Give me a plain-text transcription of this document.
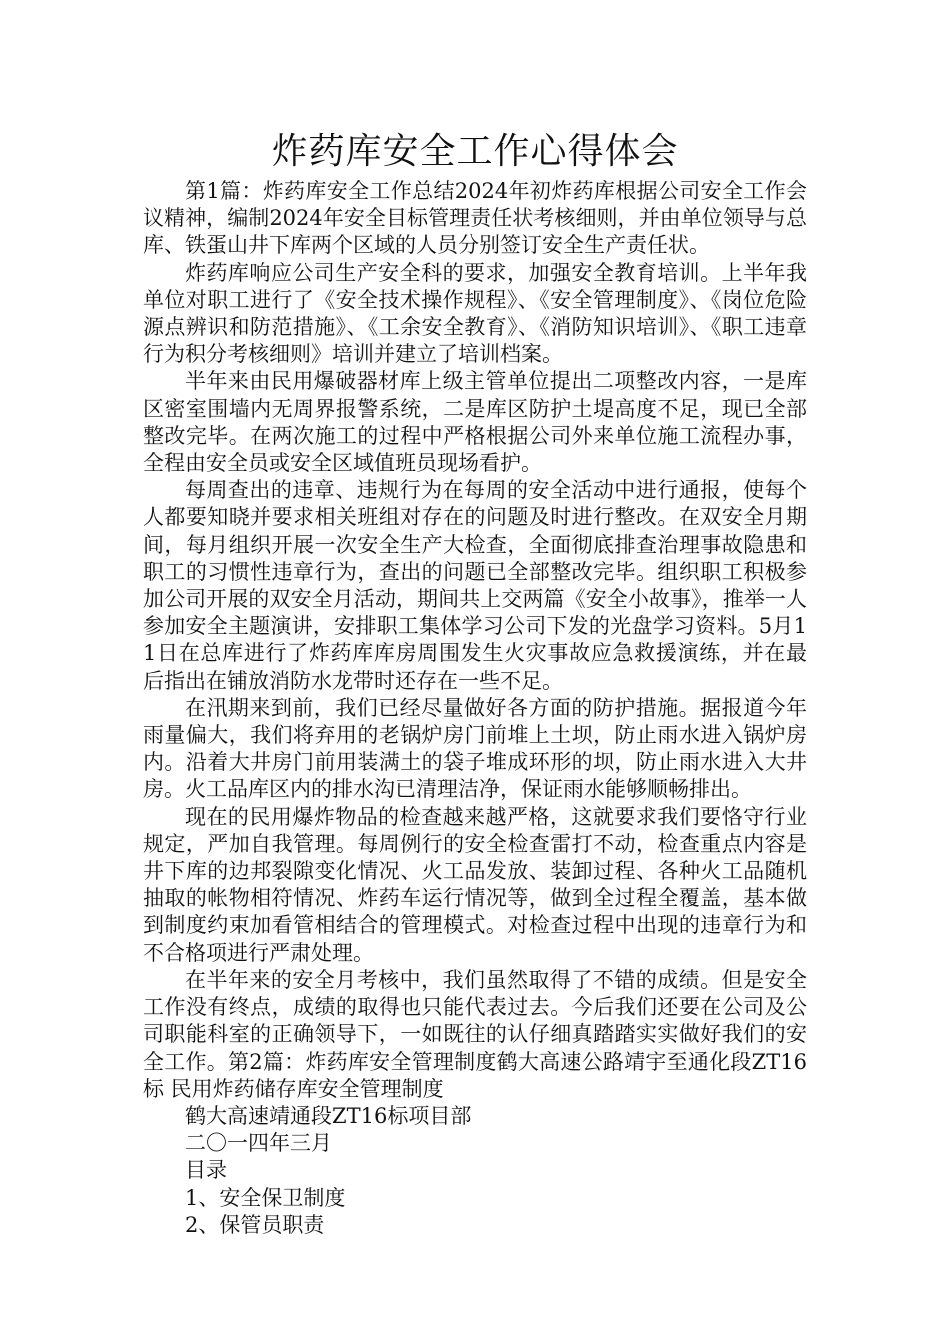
炸药库安全工作心得体会

第1篇：炸药库安全工作总结2024年初炸药库根据公司安全工作会议精神，编制2024年安全目标管理责任状考核细则，并由单位领导与总库、铁蛋山井下库两个区域的人员分别签订安全生产责任状。

炸药库响应公司生产安全科的要求，加强安全教育培训。上半年我单位对职工进行了《安全技术操作规程》、《安全管理制度》、《岗位危险源点辨识和防范措施》、《工余安全教育》、《消防知识培训》、《职工违章行为积分考核细则》培训并建立了培训档案。

半年来由民用爆破器材库上级主管单位提出二项整改内容，一是库区密室围墙内无周界报警系统，二是库区防护土堤高度不足，现已全部整改完毕。在两次施工的过程中严格根据公司外来单位施工流程办事，全程由安全员或安全区域值班员现场看护。

每周查出的违章、违规行为在每周的安全活动中进行通报，使每个人都要知晓并要求相关班组对存在的问题及时进行整改。在双安全月期间，每月组织开展一次安全生产大检查，全面彻底排查治理事故隐患和职工的习惯性违章行为，查出的问题已全部整改完毕。组织职工积极参加公司开展的双安全月活动，期间共上交两篇《安全小故事》，推举一人参加安全主题演讲，安排职工集体学习公司下发的光盘学习资料。5月11日在总库进行了炸药库库房周围发生火灾事故应急救援演练，并在最后指出在铺放消防水龙带时还存在一些不足。

在汛期来到前，我们已经尽量做好各方面的防护措施。据报道今年雨量偏大，我们将弃用的老锅炉房门前堆上土坝，防止雨水进入锅炉房内。沿着大井房门前用装满土的袋子堆成环形的坝，防止雨水进入大井房。火工品库区内的排水沟已清理洁净，保证雨水能够顺畅排出。

现在的民用爆炸物品的检查越来越严格，这就要求我们要恪守行业规定，严加自我管理。每周例行的安全检查雷打不动，检查重点内容是井下库的边邦裂隙变化情况、火工品发放、装卸过程、各种火工品随机抽取的帐物相符情况、炸药车运行情况等，做到全过程全覆盖，基本做到制度约束加看管相结合的管理模式。对检查过程中出现的违章行为和不合格项进行严肃处理。

在半年来的安全月考核中，我们虽然取得了不错的成绩。但是安全工作没有终点，成绩的取得也只能代表过去。今后我们还要在公司及公司职能科室的正确领导下，一如既往的认仔细真踏踏实实做好我们的安全工作。第2篇：炸药库安全管理制度鹤大高速公路靖宇至通化段ZT16标 民用炸药储存库安全管理制度

鹤大高速靖通段ZT16标项目部

二〇一四年三月

目录

1、安全保卫制度

2、保管员职责
